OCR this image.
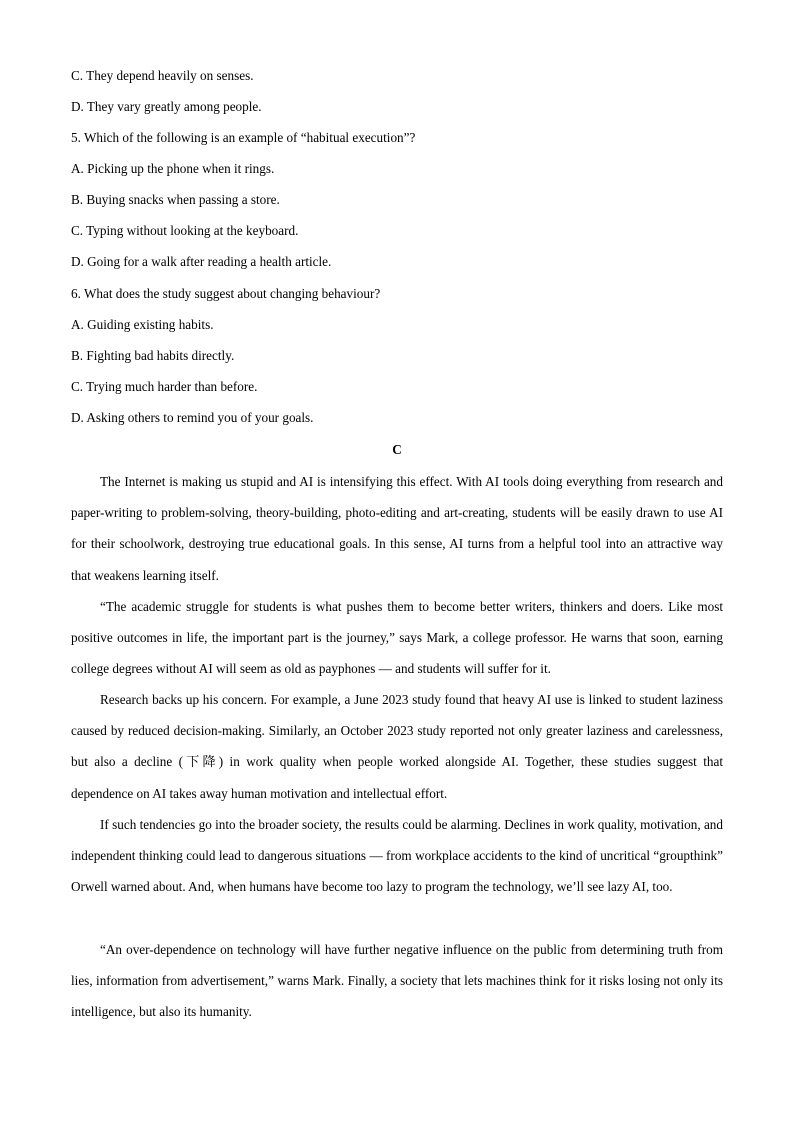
C. They depend heavily on senses.
D. They vary greatly among people.
5. Which of the following is an example of “habitual execution”?
A. Picking up the phone when it rings.
B. Buying snacks when passing a store.
C. Typing without looking at the keyboard.
D. Going for a walk after reading a health article.
6. What does the study suggest about changing behaviour?
A. Guiding existing habits.
B. Fighting bad habits directly.
C. Trying much harder than before.
D. Asking others to remind you of your goals.
C

The Internet is making us stupid and AI is intensifying this effect. With AI tools doing everything from research and paper-writing to problem-solving, theory-building, photo-editing and art-creating, students will be easily drawn to use AI for their schoolwork, destroying true educational goals. In this sense, AI turns from a helpful tool into an attractive way that weakens learning itself.

“The academic struggle for students is what pushes them to become better writers, thinkers and doers. Like most positive outcomes in life, the important part is the journey,” says Mark, a college professor. He warns that soon, earning college degrees without AI will seem as old as payphones — and students will suffer for it.

Research backs up his concern. For example, a June 2023 study found that heavy AI use is linked to student laziness caused by reduced decision-making. Similarly, an October 2023 study reported not only greater laziness and carelessness, but also a decline (下降) in work quality when people worked alongside AI. Together, these studies suggest that dependence on AI takes away human motivation and intellectual effort.

If such tendencies go into the broader society, the results could be alarming. Declines in work quality, motivation, and independent thinking could lead to dangerous situations — from workplace accidents to the kind of uncritical “groupthink” Orwell warned about. And, when humans have become too lazy to program the technology, we’ll see lazy AI, too.

“An over-dependence on technology will have further negative influence on the public from determining truth from lies, information from advertisement,” warns Mark. Finally, a society that lets machines think for it risks losing not only its intelligence, but also its humanity.
